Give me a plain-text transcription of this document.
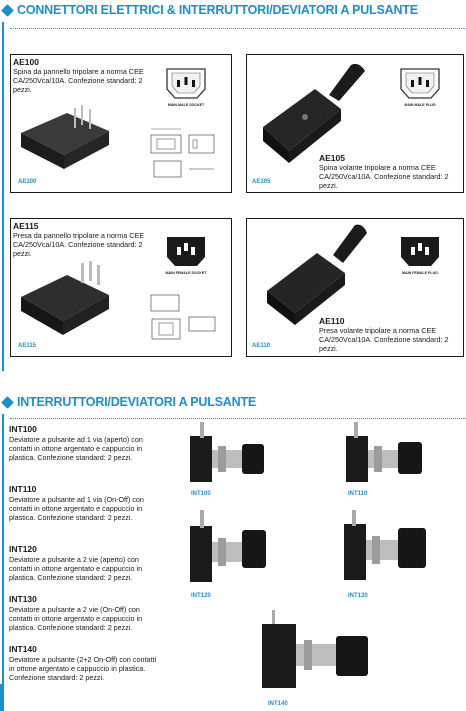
CONNETTORI ELETTRICI & INTERRUTTORI/DEVIATORI A PULSANTE
AE100
Spina da pannello tripolare a norma CEE CA/250Vca/10A. Confezione standard: 2 pezzi.
AE100
MAIN MALE SOCKET
AE105
MAIN MALE PLUG
AE105
Spina volante tripolare a norma CEE CA/250Vca/10A. Confezione standard: 2 pezzi.
AE115
Presa da pannello tripolare a norma CEE CA/250Vca/10A. Confezione standard: 2 pezzi.
AE115
MAIN FEMALE SOCKET
AE110
MAIN FEMALE PLUG
AE110
Presa volante tripolare a norma CEE CA/250Vca/10A. Confezione standard: 2 pezzi.
INTERRUTTORI/DEVIATORI A PULSANTE
INT100
Deviatore a pulsante ad 1 via (aperto) con contatti in ottone argentato e cappuccio in plastica. Confezione standard: 2 pezzi.
INT110
Deviatore a pulsante ad 1 via (On-Off) con contatti in ottone argentato e cappuccio in plastica. Confezione standard: 2 pezzi.
INT120
Deviatore a pulsante a 2 vie (aperto) con contatti in ottone argentato e cappuccio in plastica. Confezione standard: 2 pezzi.
INT130
Deviatore a pulsante a 2 vie (On-Off) con contatti in ottone argentato e cappuccio in plastica. Confezione standard: 2 pezzi.
INT140
Deviatore a pulsante (2+2 On-Off) con contatti in ottone argentato e cappuccio in plastica. Confezione standard: 2 pezzi.
INT100	INT110
INT120	INT130
INT140
